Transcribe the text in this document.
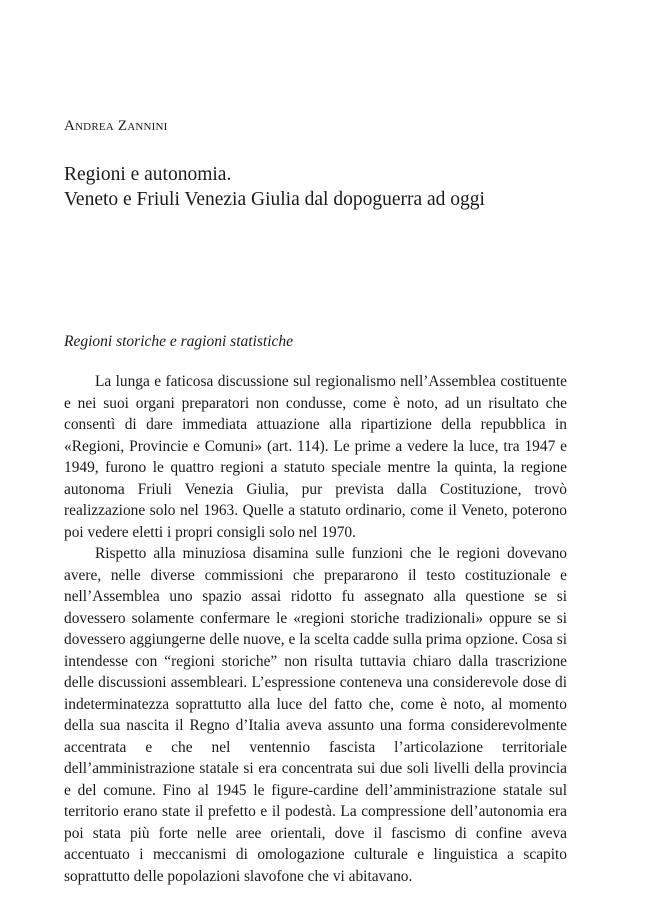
Andrea Zannini

Regioni e autonomia.
Veneto e Friuli Venezia Giulia dal dopoguerra ad oggi
Regioni storiche e ragioni statistiche

La lunga e faticosa discussione sul regionalismo nell’Assemblea costituente e nei suoi organi preparatori non condusse, come è noto, ad un risultato che consentì di dare immediata attuazione alla ripartizione della repubblica in «Regioni, Provincie e Comuni» (art. 114). Le prime a vedere la luce, tra 1947 e 1949, furono le quattro regioni a statuto speciale mentre la quinta, la regione autonoma Friuli Venezia Giulia, pur prevista dalla Costituzione, trovò realizzazione solo nel 1963. Quelle a statuto ordinario, come il Veneto, poterono poi vedere eletti i propri consigli solo nel 1970.

Rispetto alla minuziosa disamina sulle funzioni che le regioni dovevano avere, nelle diverse commissioni che prepararono il testo costituzionale e nell’Assemblea uno spazio assai ridotto fu assegnato alla questione se si dovessero solamente confermare le «regioni storiche tradizionali» oppure se si dovessero aggiungerne delle nuove, e la scelta cadde sulla prima opzione. Cosa si intendesse con “regioni storiche” non risulta tuttavia chiaro dalla trascrizione delle discussioni assembleari. L’espressione conteneva una considerevole dose di indeterminatezza soprattutto alla luce del fatto che, come è noto, al momento della sua nascita il Regno d’Italia aveva assunto una forma considerevolmente accentrata e che nel ventennio fascista l’articolazione territoriale dell’amministrazione statale si era concentrata sui due soli livelli della provincia e del comune. Fino al 1945 le figure-cardine dell’amministrazione statale sul territorio erano state il prefetto e il podestà. La compressione dell’autonomia era poi stata più forte nelle aree orientali, dove il fascismo di confine aveva accentuato i meccanismi di omologazione culturale e linguistica a scapito soprattutto delle popolazioni slavofone che vi abitavano.
